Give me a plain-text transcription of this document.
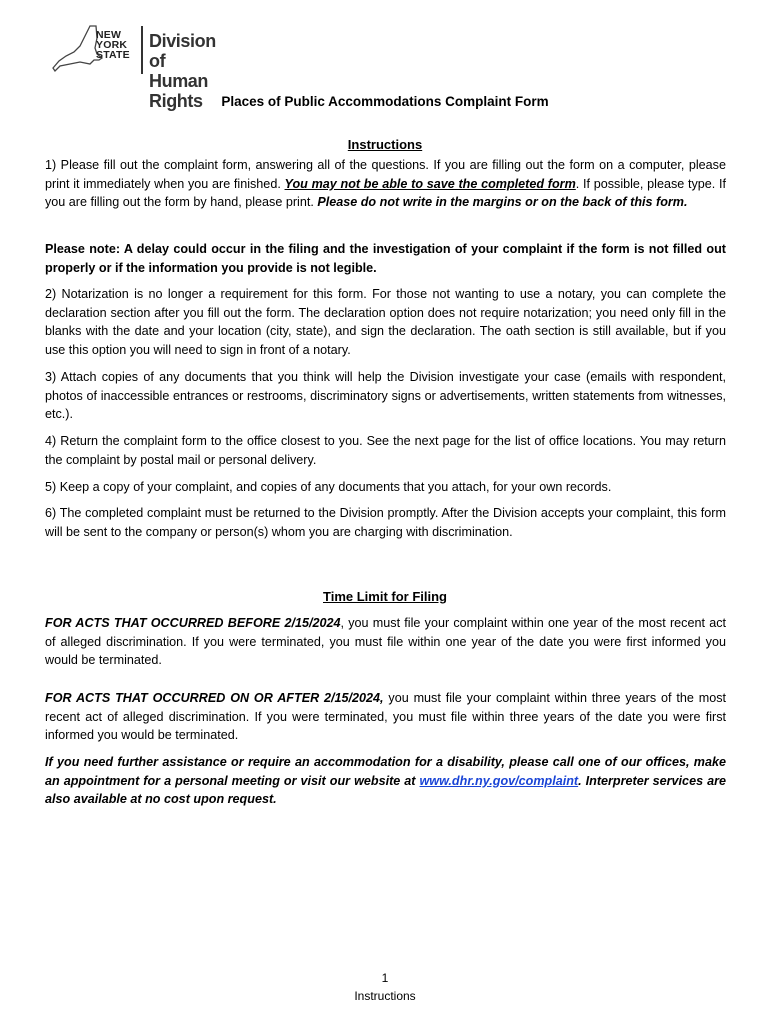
NEW
YORK
STATE
Division of
Human Rights	Places of Public Accommodations Complaint Form
Instructions
1) Please fill out the complaint form, answering all of the questions. If you are filling out the form on a computer, please print it immediately when you are finished. You may not be able to save the completed form. If possible, please type. If you are filling out the form by hand, please print. Please do not write in the margins or on the back of this form.
Please note: A delay could occur in the filing and the investigation of your complaint if the form is not filled out properly or if the information you provide is not legible.
2) Notarization is no longer a requirement for this form. For those not wanting to use a notary, you can complete the declaration section after you fill out the form. The declaration option does not require notarization; you need only fill in the blanks with the date and your location (city, state), and sign the declaration. The oath section is still available, but if you use this option you will need to sign in front of a notary.
3) Attach copies of any documents that you think will help the Division investigate your case (emails with respondent, photos of inaccessible entrances or restrooms, discriminatory signs or advertisements, written statements from witnesses, etc.).
4) Return the complaint form to the office closest to you. See the next page for the list of office locations. You may return the complaint by postal mail or personal delivery.
5) Keep a copy of your complaint, and copies of any documents that you attach, for your own records.
6) The completed complaint must be returned to the Division promptly. After the Division accepts your complaint, this form will be sent to the company or person(s) whom you are charging with discrimination.
Time Limit for Filing
FOR ACTS THAT OCCURRED BEFORE 2/15/2024, you must file your complaint within one year of the most recent act of alleged discrimination. If you were terminated, you must file within one year of the date you were first informed you would be terminated.
FOR ACTS THAT OCCURRED ON OR AFTER 2/15/2024, you must file your complaint within three years of the most recent act of alleged discrimination. If you were terminated, you must file within three years of the date you were first informed you would be terminated.
If you need further assistance or require an accommodation for a disability, please call one of our offices, make an appointment for a personal meeting or visit our website at www.dhr.ny.gov/complaint. Interpreter services are also available at no cost upon request.
1
Instructions
